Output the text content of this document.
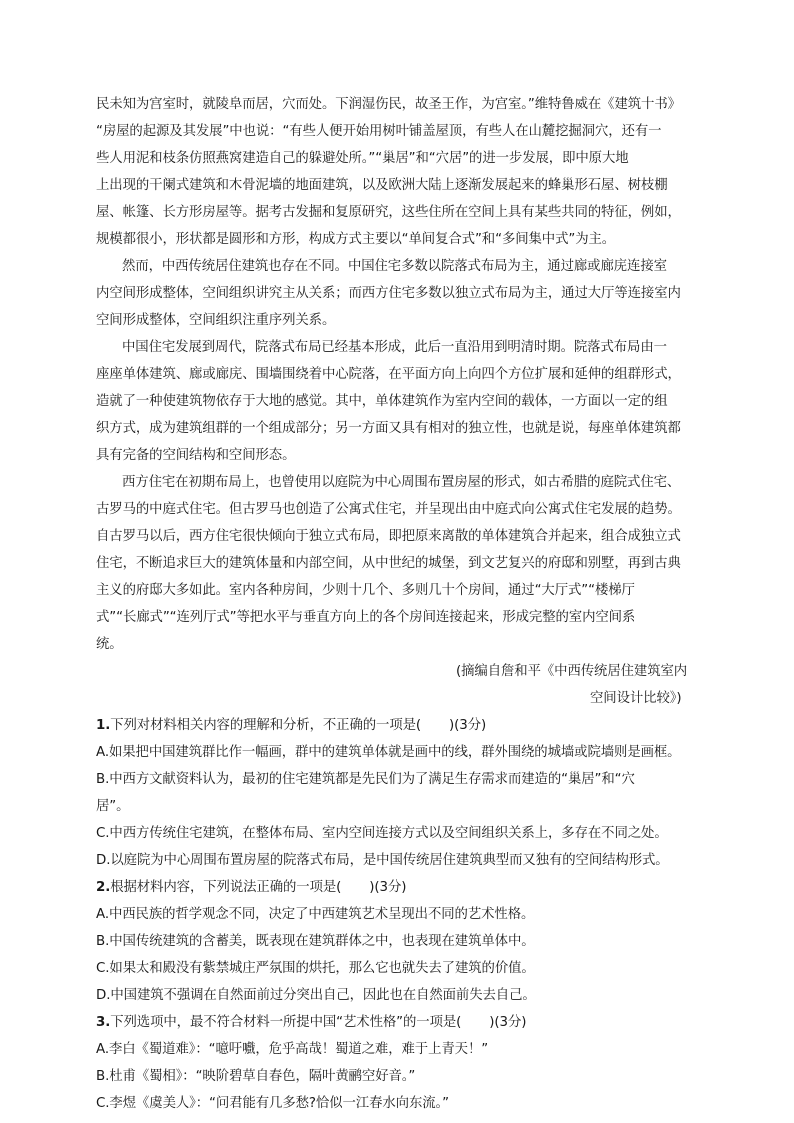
民未知为宫室时，就陵阜而居，穴而处。下润湿伤民，故圣王作，为宫室。”维特鲁威在《建筑十书》
“房屋的起源及其发展”中也说：“有些人便开始用树叶铺盖屋顶，有些人在山麓挖掘洞穴，还有一
些人用泥和枝条仿照燕窝建造自己的躲避处所。”“巢居”和“穴居”的进一步发展，即中原大地
上出现的干阑式建筑和木骨泥墙的地面建筑，以及欧洲大陆上逐渐发展起来的蜂巢形石屋、树枝棚
屋、帐篷、长方形房屋等。据考古发掘和复原研究，这些住所在空间上具有某些共同的特征，例如，
规模都很小，形状都是圆形和方形，构成方式主要以“单间复合式”和“多间集中式”为主。
然而，中西传统居住建筑也存在不同。中国住宅多数以院落式布局为主，通过廊或廊庑连接室
内空间形成整体，空间组织讲究主从关系；而西方住宅多数以独立式布局为主，通过大厅等连接室内
空间形成整体，空间组织注重序列关系。
中国住宅发展到周代，院落式布局已经基本形成，此后一直沿用到明清时期。院落式布局由一
座座单体建筑、廊或廊庑、围墙围绕着中心院落，在平面方向上向四个方位扩展和延伸的组群形式，
造就了一种使建筑物依存于大地的感觉。其中，单体建筑作为室内空间的载体，一方面以一定的组
织方式，成为建筑组群的一个组成部分；另一方面又具有相对的独立性，也就是说，每座单体建筑都
具有完备的空间结构和空间形态。
西方住宅在初期布局上，也曾使用以庭院为中心周围布置房屋的形式，如古希腊的庭院式住宅、
古罗马的中庭式住宅。但古罗马也创造了公寓式住宅，并呈现出由中庭式向公寓式住宅发展的趋势。
自古罗马以后，西方住宅很快倾向于独立式布局，即把原来离散的单体建筑合并起来，组合成独立式
住宅，不断追求巨大的建筑体量和内部空间，从中世纪的城堡，到文艺复兴的府邸和别墅，再到古典
主义的府邸大多如此。室内各种房间，少则十几个、多则几十个房间，通过“大厅式”“楼梯厅
式”“长廊式”“连列厅式”等把水平与垂直方向上的各个房间连接起来，形成完整的室内空间系
统。
(摘编自詹和平《中西传统居住建筑室内
空间设计比较》)
1.下列对材料相关内容的理解和分析，不正确的一项是( )(3分)
A.如果把中国建筑群比作一幅画，群中的建筑单体就是画中的线，群外围绕的城墙或院墙则是画框。
B.中西方文献资料认为，最初的住宅建筑都是先民们为了满足生存需求而建造的“巢居”和“穴
居”。
C.中西方传统住宅建筑，在整体布局、室内空间连接方式以及空间组织关系上，多存在不同之处。
D.以庭院为中心周围布置房屋的院落式布局，是中国传统居住建筑典型而又独有的空间结构形式。
2.根据材料内容，下列说法正确的一项是( )(3分)
A.中西民族的哲学观念不同，决定了中西建筑艺术呈现出不同的艺术性格。
B.中国传统建筑的含蓄美，既表现在建筑群体之中，也表现在建筑单体中。
C.如果太和殿没有紫禁城庄严氛围的烘托，那么它也就失去了建筑的价值。
D.中国建筑不强调在自然面前过分突出自己，因此也在自然面前失去自己。
3.下列选项中，最不符合材料一所提中国“艺术性格”的一项是( )(3分)
A.李白《蜀道难》：“噫吁嚱，危乎高哉！蜀道之难，难于上青天！”
B.杜甫《蜀相》：“映阶碧草自春色，隔叶黄鹂空好音。”
C.李煜《虞美人》：“问君能有几多愁?恰似一江春水向东流。”
